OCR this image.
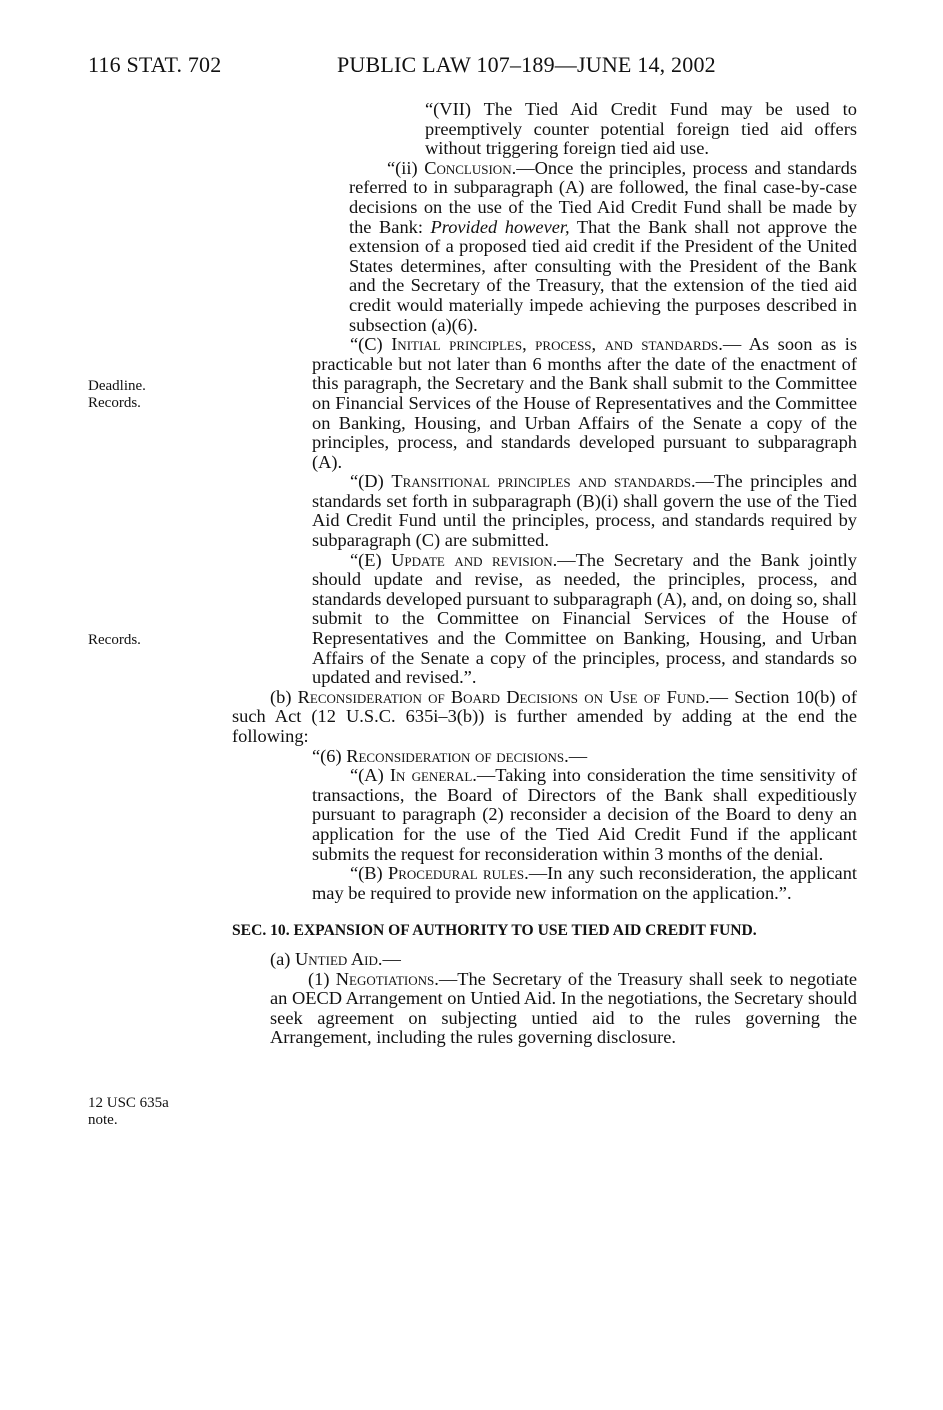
116 STAT. 702	PUBLIC LAW 107–189—JUNE 14, 2002
Deadline.
Records.
Records.
12 USC 635a
note.

“(VII) The Tied Aid Credit Fund may be used to preemptively counter potential foreign tied aid offers without triggering foreign tied aid use.

“(ii) Conclusion.—Once the principles, process and standards referred to in subparagraph (A) are followed, the final case-by-case decisions on the use of the Tied Aid Credit Fund shall be made by the Bank: Provided however, That the Bank shall not approve the extension of a proposed tied aid credit if the President of the United States determines, after consulting with the President of the Bank and the Secretary of the Treasury, that the extension of the tied aid credit would materially impede achieving the purposes described in subsection (a)(6).

“(C) Initial principles, process, and standards.— As soon as is practicable but not later than 6 months after the date of the enactment of this paragraph, the Secretary and the Bank shall submit to the Committee on Financial Services of the House of Representatives and the Committee on Banking, Housing, and Urban Affairs of the Senate a copy of the principles, process, and standards developed pursuant to subparagraph (A).

“(D) Transitional principles and standards.—The principles and standards set forth in subparagraph (B)(i) shall govern the use of the Tied Aid Credit Fund until the principles, process, and standards required by subparagraph (C) are submitted.

“(E) Update and revision.—The Secretary and the Bank jointly should update and revise, as needed, the principles, process, and standards developed pursuant to subparagraph (A), and, on doing so, shall submit to the Committee on Financial Services of the House of Representatives and the Committee on Banking, Housing, and Urban Affairs of the Senate a copy of the principles, process, and standards so updated and revised.”.

(b) Reconsideration of Board Decisions on Use of Fund.— Section 10(b) of such Act (12 U.S.C. 635i–3(b)) is further amended by adding at the end the following:

“(6) Reconsideration of decisions.—

“(A) In general.—Taking into consideration the time sensitivity of transactions, the Board of Directors of the Bank shall expeditiously pursuant to paragraph (2) reconsider a decision of the Board to deny an application for the use of the Tied Aid Credit Fund if the applicant submits the request for reconsideration within 3 months of the denial.

“(B) Procedural rules.—In any such reconsideration, the applicant may be required to provide new information on the application.”.

SEC. 10. EXPANSION OF AUTHORITY TO USE TIED AID CREDIT FUND.

(a) Untied Aid.—

(1) Negotiations.—The Secretary of the Treasury shall seek to negotiate an OECD Arrangement on Untied Aid. In the negotiations, the Secretary should seek agreement on subjecting untied aid to the rules governing the Arrangement, including the rules governing disclosure.
